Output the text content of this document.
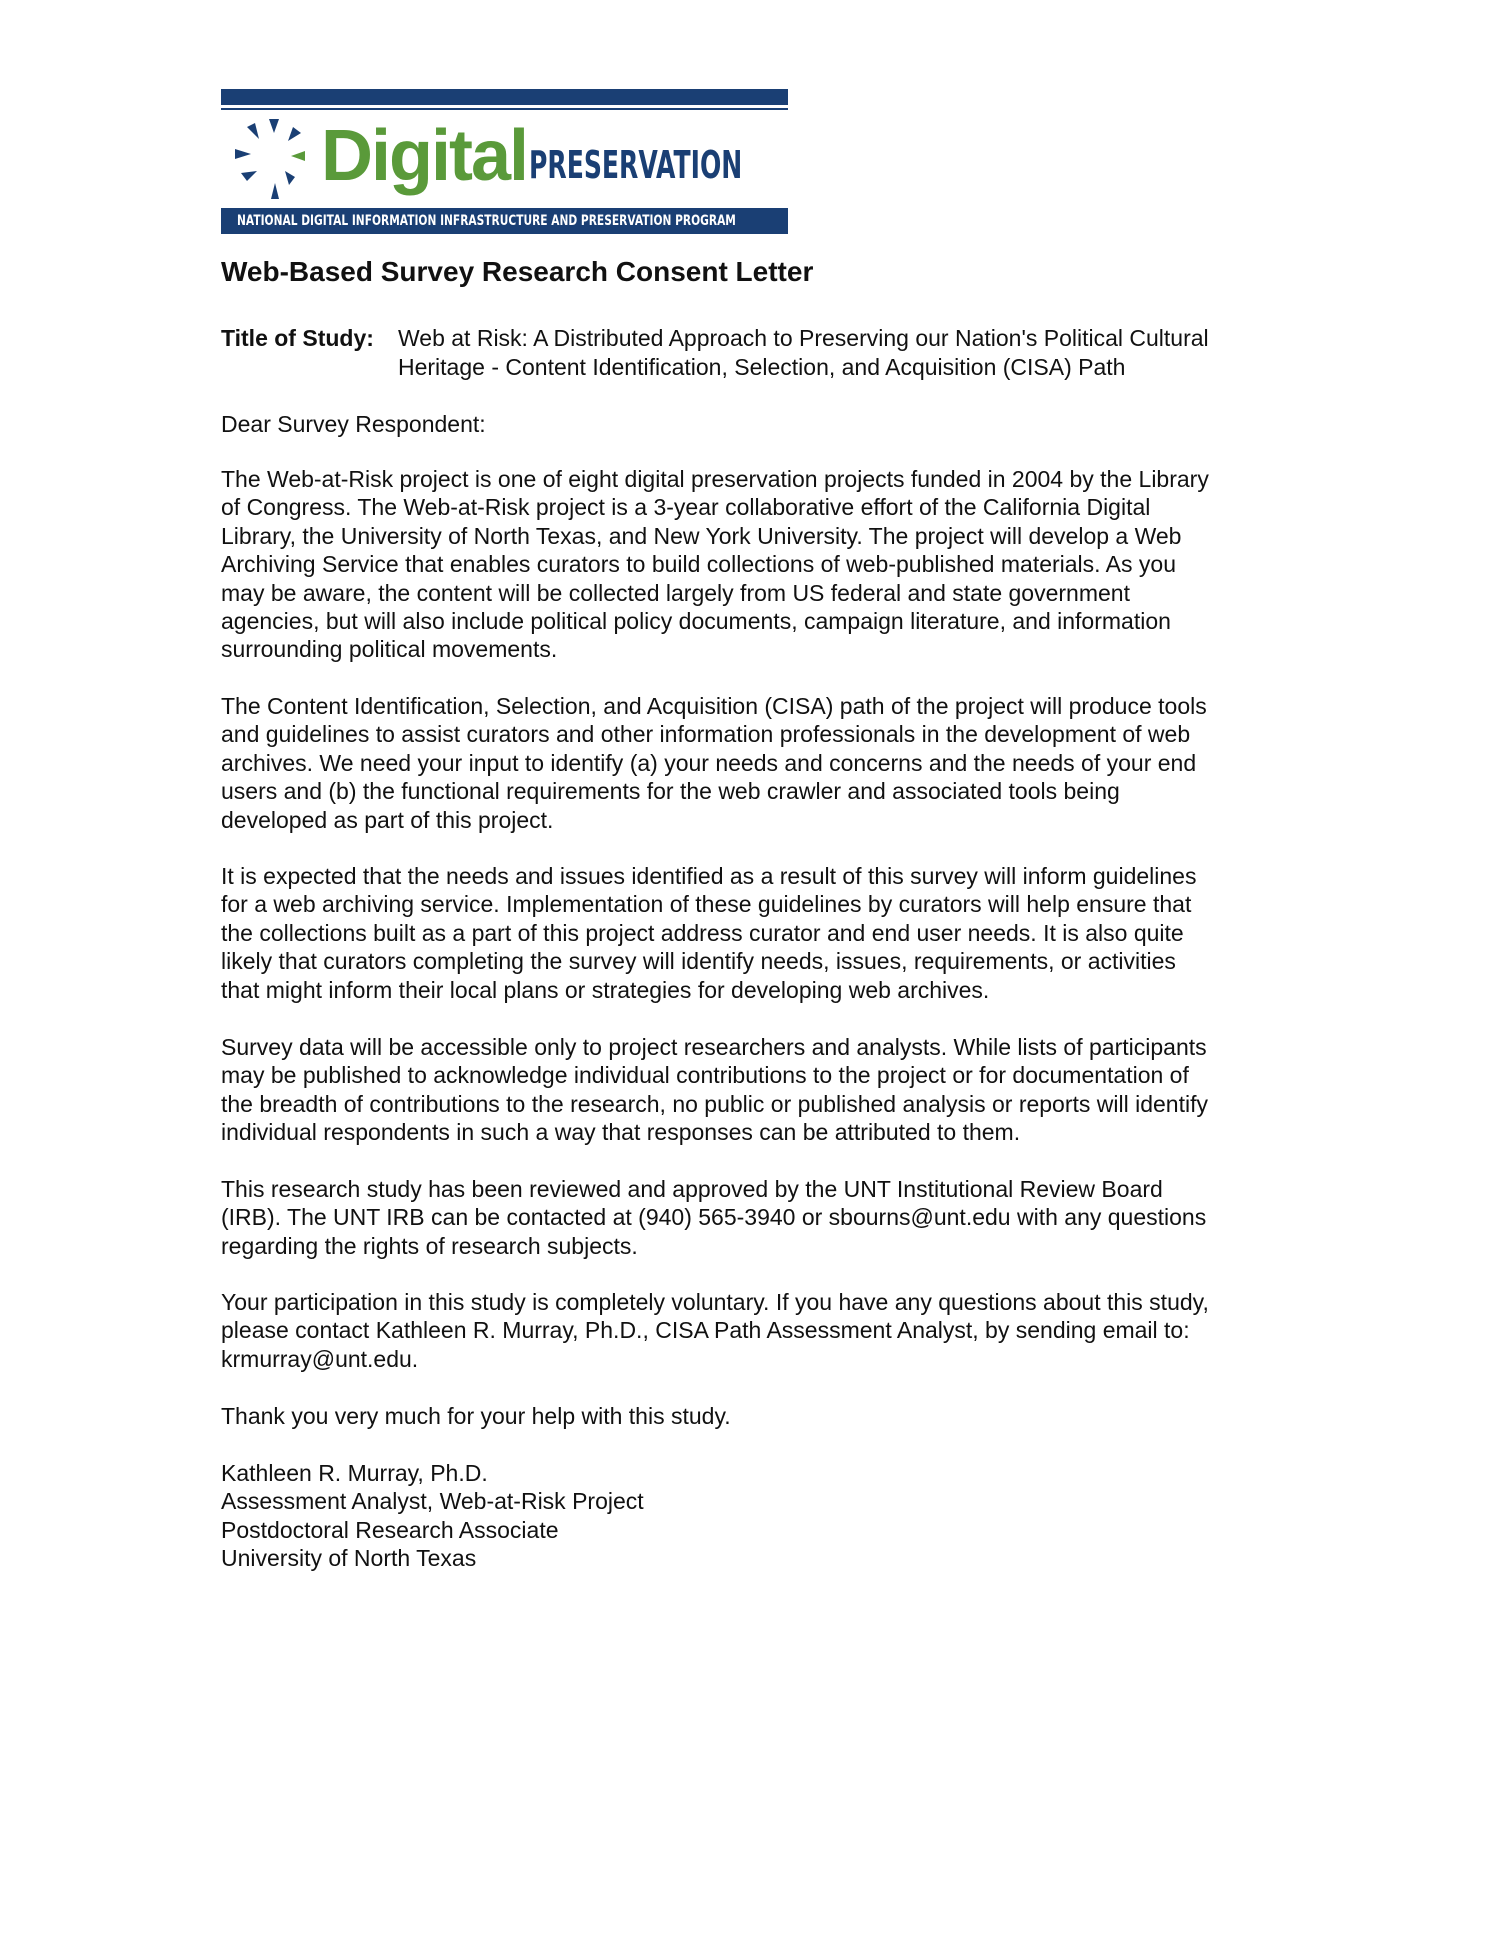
Digital PRESERVATION
NATIONAL DIGITAL INFORMATION INFRASTRUCTURE AND PRESERVATION PROGRAM
Web-Based Survey Research Consent Letter
Title of Study: Web at Risk: A Distributed Approach to Preserving our Nation's Political Cultural
Heritage - Content Identification, Selection, and Acquisition (CISA) Path
Dear Survey Respondent:
The Web-at-Risk project is one of eight digital preservation projects funded in 2004 by the Library
of Congress. The Web-at-Risk project is a 3-year collaborative effort of the California Digital
Library, the University of North Texas, and New York University. The project will develop a Web
Archiving Service that enables curators to build collections of web-published materials. As you
may be aware, the content will be collected largely from US federal and state government
agencies, but will also include political policy documents, campaign literature, and information
surrounding political movements.
The Content Identification, Selection, and Acquisition (CISA) path of the project will produce tools
and guidelines to assist curators and other information professionals in the development of web
archives. We need your input to identify (a) your needs and concerns and the needs of your end
users and (b) the functional requirements for the web crawler and associated tools being
developed as part of this project.
It is expected that the needs and issues identified as a result of this survey will inform guidelines
for a web archiving service. Implementation of these guidelines by curators will help ensure that
the collections built as a part of this project address curator and end user needs. It is also quite
likely that curators completing the survey will identify needs, issues, requirements, or activities
that might inform their local plans or strategies for developing web archives.
Survey data will be accessible only to project researchers and analysts. While lists of participants
may be published to acknowledge individual contributions to the project or for documentation of
the breadth of contributions to the research, no public or published analysis or reports will identify
individual respondents in such a way that responses can be attributed to them.
This research study has been reviewed and approved by the UNT Institutional Review Board
(IRB). The UNT IRB can be contacted at (940) 565-3940 or sbourns@unt.edu with any questions
regarding the rights of research subjects.
Your participation in this study is completely voluntary. If you have any questions about this study,
please contact Kathleen R. Murray, Ph.D., CISA Path Assessment Analyst, by sending email to:
krmurray@unt.edu.
Thank you very much for your help with this study.
Kathleen R. Murray, Ph.D.
Assessment Analyst, Web-at-Risk Project
Postdoctoral Research Associate
University of North Texas
